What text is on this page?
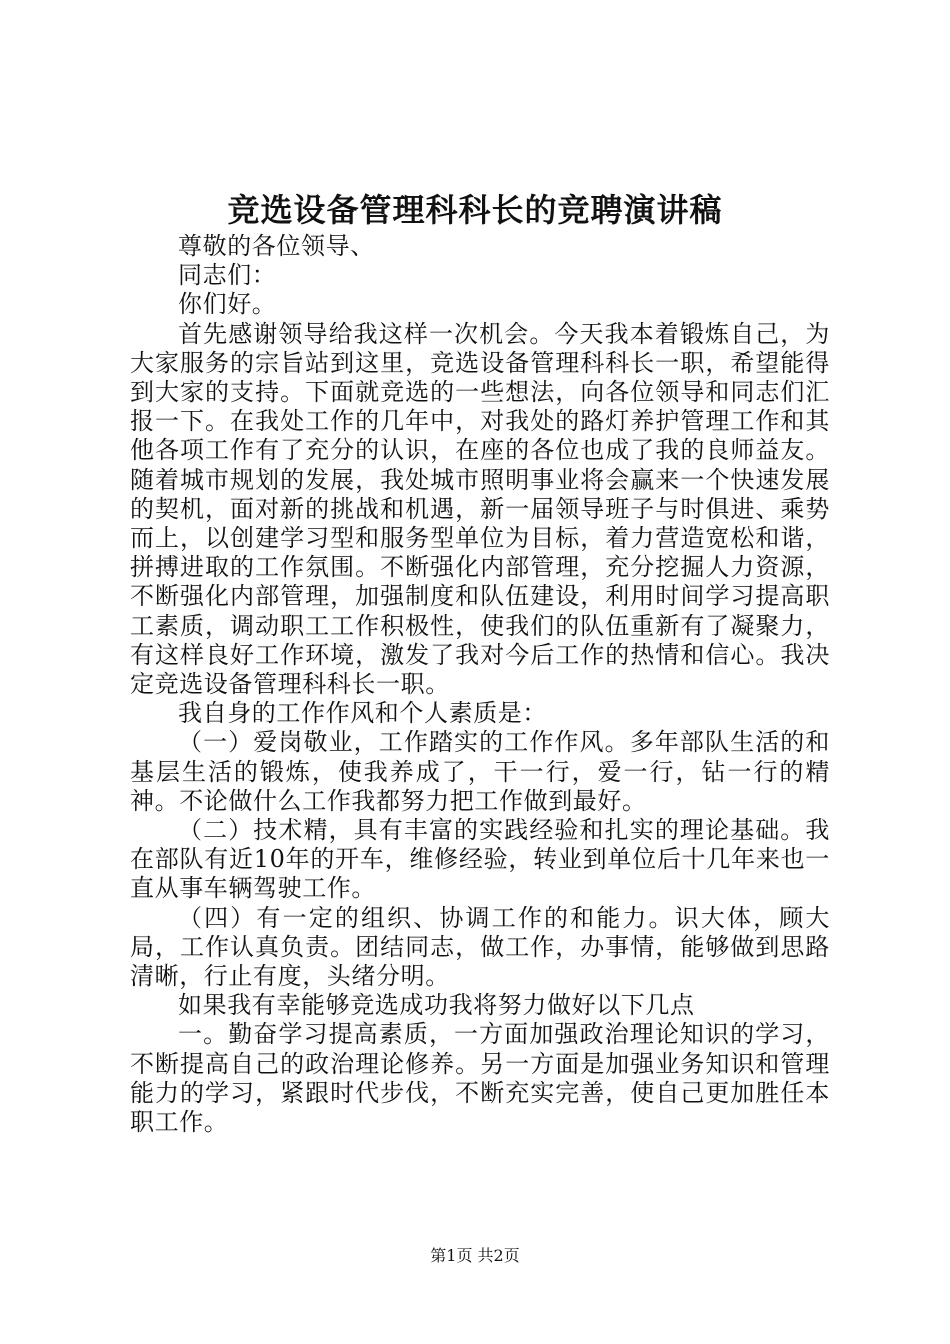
竞选设备管理科科长的竞聘演讲稿

尊敬的各位领导、

同志们：

你们好。

首先感谢领导给我这样一次机会。今天我本着锻炼自己，为大家服务的宗旨站到这里，竞选设备管理科科长一职，希望能得到大家的支持。下面就竞选的一些想法，向各位领导和同志们汇报一下。在我处工作的几年中，对我处的路灯养护管理工作和其他各项工作有了充分的认识，在座的各位也成了我的良师益友。随着城市规划的发展，我处城市照明事业将会赢来一个快速发展的契机，面对新的挑战和机遇，新一届领导班子与时俱进、乘势而上，以创建学习型和服务型单位为目标，着力营造宽松和谐，拼搏进取的工作氛围。不断强化内部管理，充分挖掘人力资源，不断强化内部管理，加强制度和队伍建设，利用时间学习提高职工素质，调动职工工作积极性，使我们的队伍重新有了凝聚力，有这样良好工作环境，激发了我对今后工作的热情和信心。我决定竞选设备管理科科长一职。

我自身的工作作风和个人素质是：

（一）爱岗敬业，工作踏实的工作作风。多年部队生活的和基层生活的锻炼，使我养成了，干一行，爱一行，钻一行的精神。不论做什么工作我都努力把工作做到最好。

（二）技术精，具有丰富的实践经验和扎实的理论基础。我在部队有近10年的开车，维修经验，转业到单位后十几年来也一直从事车辆驾驶工作。

（四）有一定的组织、协调工作的和能力。识大体，顾大局，工作认真负责。团结同志，做工作，办事情，能够做到思路清晰，行止有度，头绪分明。

如果我有幸能够竞选成功我将努力做好以下几点

一。勤奋学习提高素质，一方面加强政治理论知识的学习，不断提高自己的政治理论修养。另一方面是加强业务知识和管理能力的学习，紧跟时代步伐，不断充实完善，使自己更加胜任本职工作。

第1页 共2页
